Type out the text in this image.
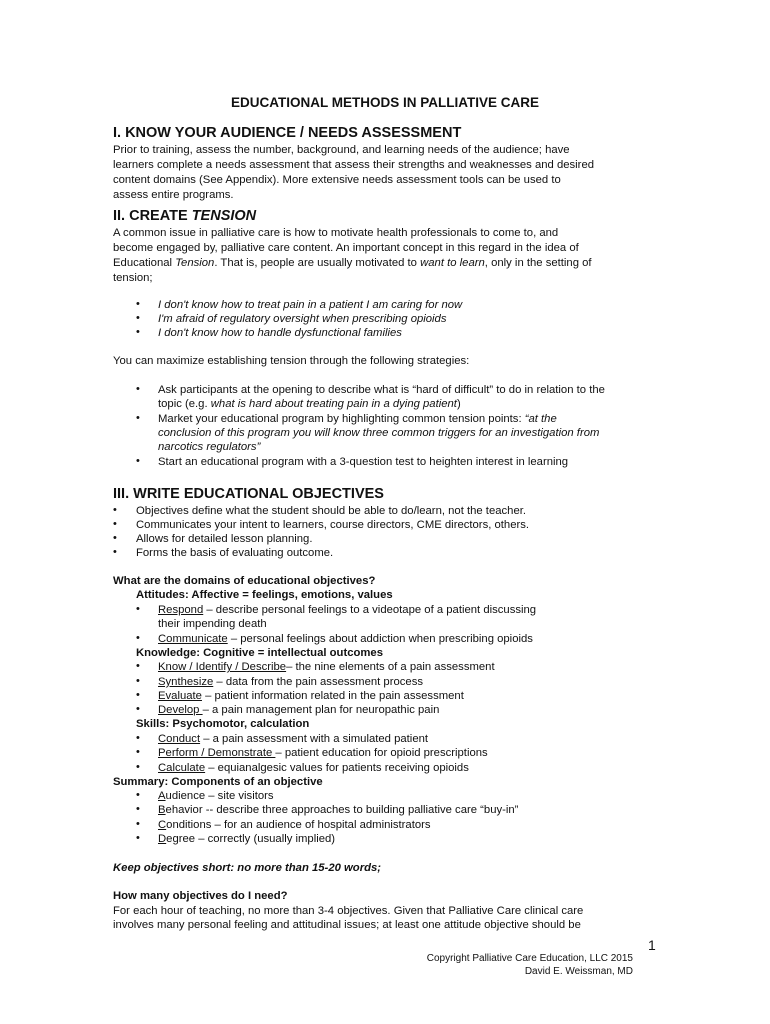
EDUCATIONAL METHODS IN PALLIATIVE CARE
I. KNOW YOUR AUDIENCE / NEEDS ASSESSMENT
Prior to training, assess the number, background, and learning needs of the audience; have
learners complete a needs assessment that assess their strengths and weaknesses and desired
content domains (See Appendix). More extensive needs assessment tools can be used to
assess entire programs.
II. CREATE TENSION
A common issue in palliative care is how to motivate health professionals to come to, and
become engaged by, palliative care content. An important concept in this regard in the idea of
Educational Tension. That is, people are usually motivated to want to learn, only in the setting of
tension;
• I don't know how to treat pain in a patient I am caring for now
• I'm afraid of regulatory oversight when prescribing opioids
• I don't know how to handle dysfunctional families
You can maximize establishing tension through the following strategies:
• Ask participants at the opening to describe what is “hard of difficult” to do in relation to the
topic (e.g. what is hard about treating pain in a dying patient)
• Market your educational program by highlighting common tension points: “at the
conclusion of this program you will know three common triggers for an investigation from
narcotics regulators”
• Start an educational program with a 3-question test to heighten interest in learning
III. WRITE EDUCATIONAL OBJECTIVES
• Objectives define what the student should be able to do/learn, not the teacher.
• Communicates your intent to learners, course directors, CME directors, others.
• Allows for detailed lesson planning.
• Forms the basis of evaluating outcome.
What are the domains of educational objectives?
Attitudes: Affective = feelings, emotions, values
• Respond – describe personal feelings to a videotape of a patient discussing
their impending death
• Communicate – personal feelings about addiction when prescribing opioids
Knowledge: Cognitive = intellectual outcomes
• Know / Identify / Describe– the nine elements of a pain assessment
• Synthesize – data from the pain assessment process
• Evaluate – patient information related in the pain assessment
• Develop – a pain management plan for neuropathic pain
Skills: Psychomotor, calculation
• Conduct – a pain assessment with a simulated patient
• Perform / Demonstrate – patient education for opioid prescriptions
• Calculate – equianalgesic values for patients receiving opioids
Summary: Components of an objective
• Audience – site visitors
• Behavior -- describe three approaches to building palliative care “buy-in”
• Conditions – for an audience of hospital administrators
• Degree – correctly (usually implied)
Keep objectives short: no more than 15-20 words;
How many objectives do I need?
For each hour of teaching, no more than 3-4 objectives. Given that Palliative Care clinical care
involves many personal feeling and attitudinal issues; at least one attitude objective should be
1
Copyright Palliative Care Education, LLC 2015
David E. Weissman, MD
